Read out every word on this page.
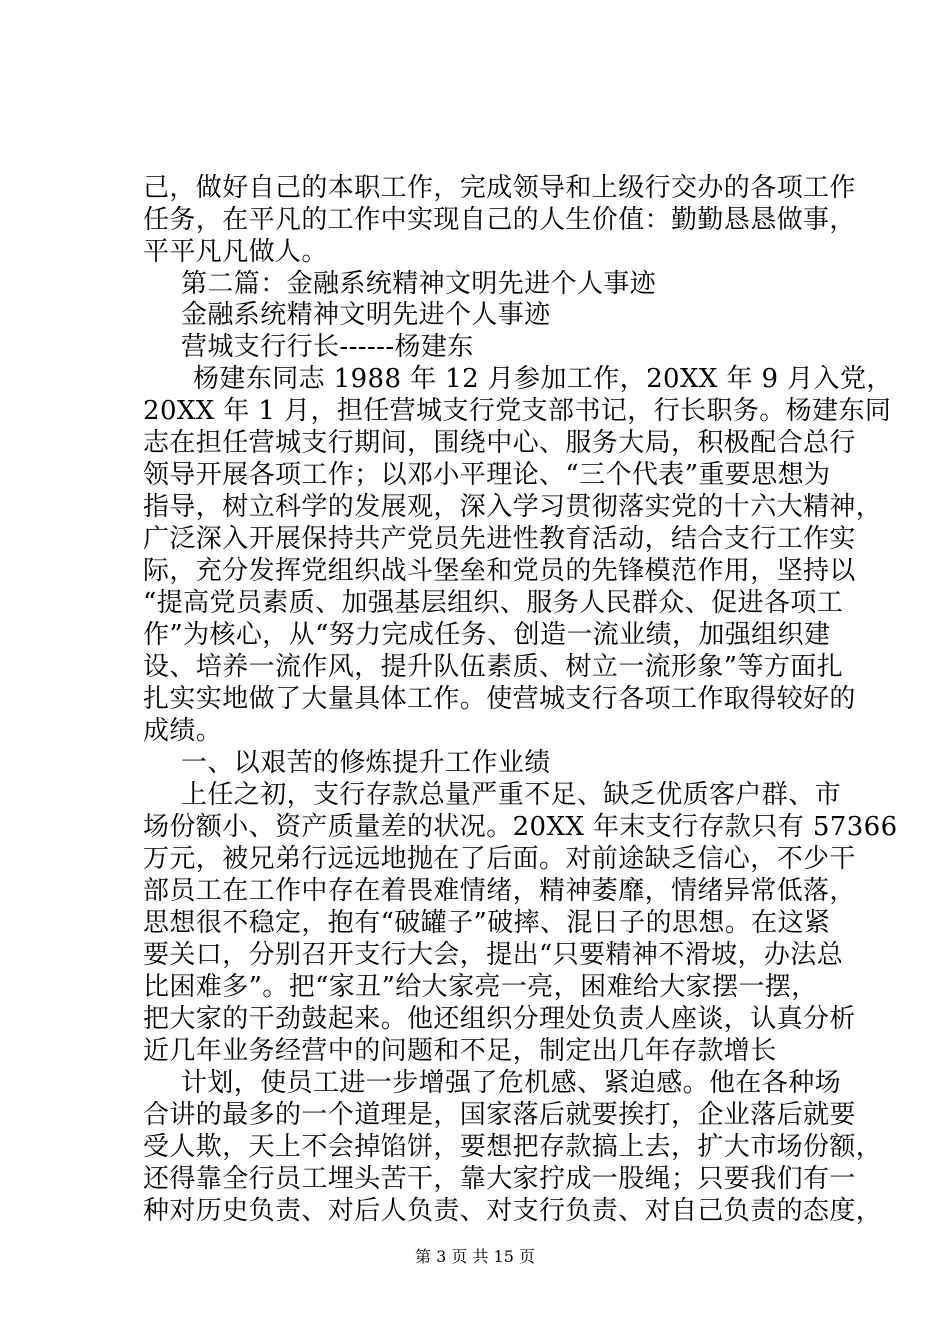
己，做好自己的本职工作，完成领导和上级行交办的各项工作
任务，在平凡的工作中实现自己的人生价值：勤勤恳恳做事，
平平凡凡做人。
第二篇：金融系统精神文明先进个人事迹
金融系统精神文明先进个人事迹
营城支行行长------杨建东
杨建东同志 1988 年 12 月参加工作，20XX 年 9 月入党，
20XX 年 1 月，担任营城支行党支部书记，行长职务。杨建东同
志在担任营城支行期间，围绕中心、服务大局，积极配合总行
领导开展各项工作；以邓小平理论、“三个代表”重要思想为
指导，树立科学的发展观，深入学习贯彻落实党的十六大精神，
广泛深入开展保持共产党员先进性教育活动，结合支行工作实
际，充分发挥党组织战斗堡垒和党员的先锋模范作用，坚持以
“提高党员素质、加强基层组织、服务人民群众、促进各项工
作”为核心，从“努力完成任务、创造一流业绩，加强组织建
设、培养一流作风，提升队伍素质、树立一流形象”等方面扎
扎实实地做了大量具体工作。使营城支行各项工作取得较好的
成绩。
一、以艰苦的修炼提升工作业绩
上任之初，支行存款总量严重不足、缺乏优质客户群、市
场份额小、资产质量差的状况。20XX 年末支行存款只有 57366
万元，被兄弟行远远地抛在了后面。对前途缺乏信心，不少干
部员工在工作中存在着畏难情绪，精神萎靡，情绪异常低落，
思想很不稳定，抱有“破罐子”破摔、混日子的思想。在这紧
要关口，分别召开支行大会，提出“只要精神不滑坡，办法总
比困难多”。把“家丑”给大家亮一亮，困难给大家摆一摆，
把大家的干劲鼓起来。他还组织分理处负责人座谈，认真分析
近几年业务经营中的问题和不足，制定出几年存款增长
计划，使员工进一步增强了危机感、紧迫感。他在各种场
合讲的最多的一个道理是，国家落后就要挨打，企业落后就要
受人欺，天上不会掉馅饼，要想把存款搞上去，扩大市场份额，
还得靠全行员工埋头苦干，靠大家拧成一股绳；只要我们有一
种对历史负责、对后人负责、对支行负责、对自己负责的态度，
第 3 页 共 15 页
